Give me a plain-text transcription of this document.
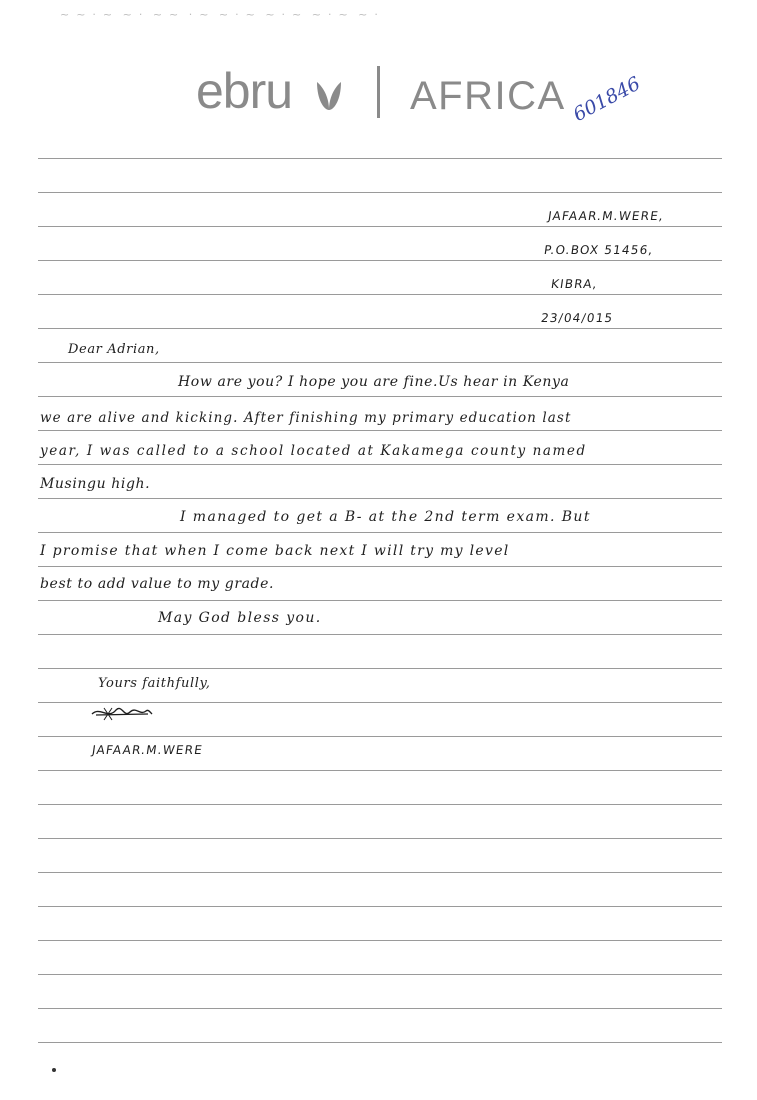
~  ~  ·  ~   ~  ·   ~  ~   ·  ~   ~  ·  ~   ~  ·  ~   ~  ·  ~   ~  ·
ebru	AFRICA 601846
JAFAAR.M.WERE,
P.O.BOX 51456,
KIBRA,
23/04/015
Dear Adrian,
How are you? I hope you are fine.Us hear in Kenya
we are alive and kicking. After finishing my primary education last
year, I was called to a school located at Kakamega county named
Musingu high.
I managed to get a B- at the 2nd term exam. But
I promise that when I come back next I will try my level
best to add value to my grade.
May God bless you.
Yours faithfully,
JAFAAR.M.WERE
